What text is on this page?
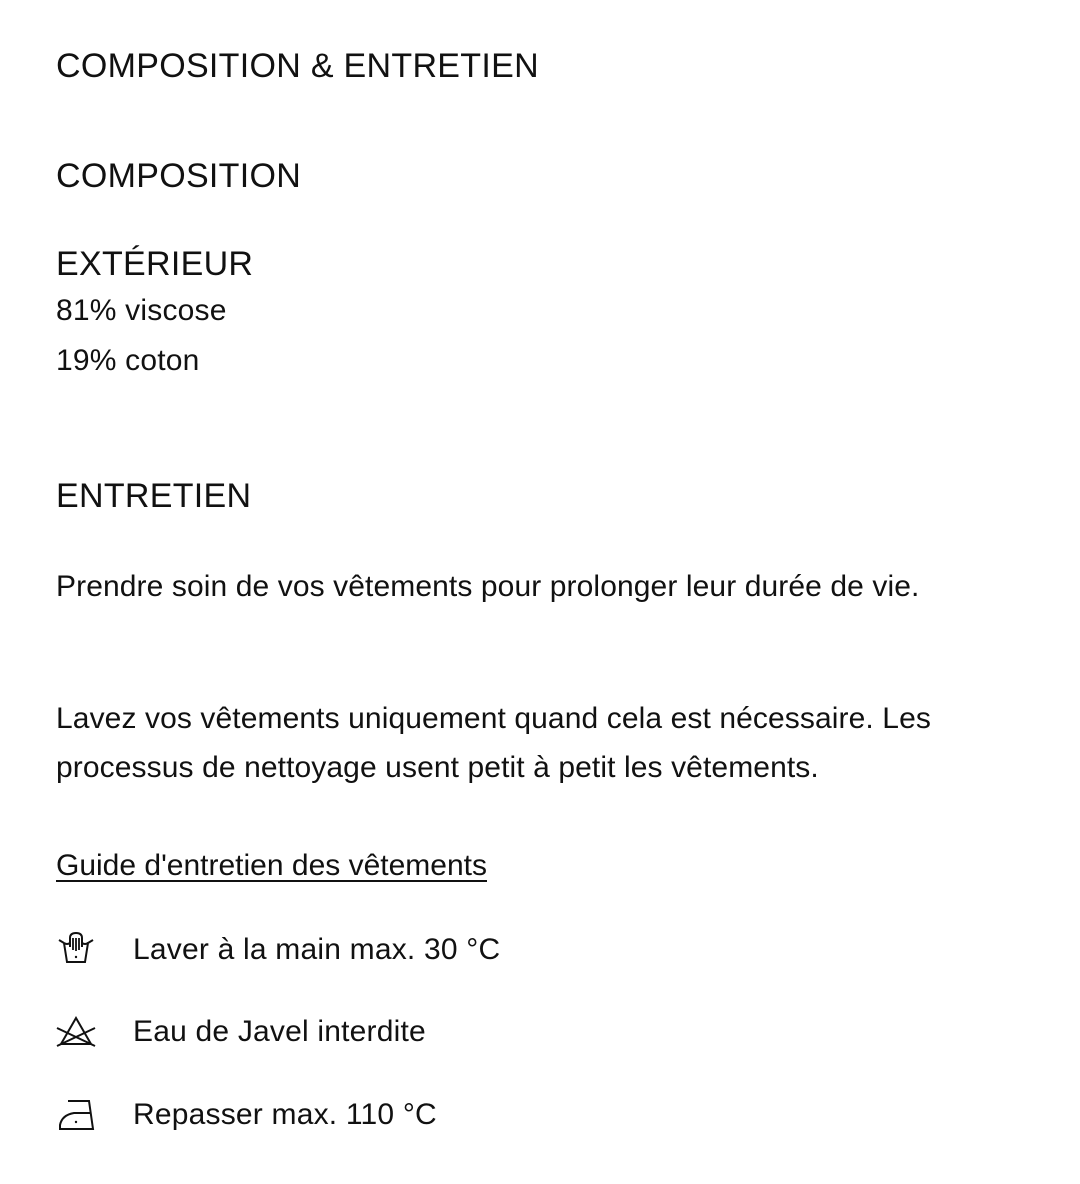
COMPOSITION & ENTRETIEN
COMPOSITION
EXTÉRIEUR
81% viscose
19% coton
ENTRETIEN
Prendre soin de vos vêtements pour prolonger leur durée de vie.
Lavez vos vêtements uniquement quand cela est nécessaire. Les processus de nettoyage usent petit à petit les vêtements.
Guide d'entretien des vêtements
Laver à la main max. 30 °C
Eau de Javel interdite
Repasser max. 110 °C
